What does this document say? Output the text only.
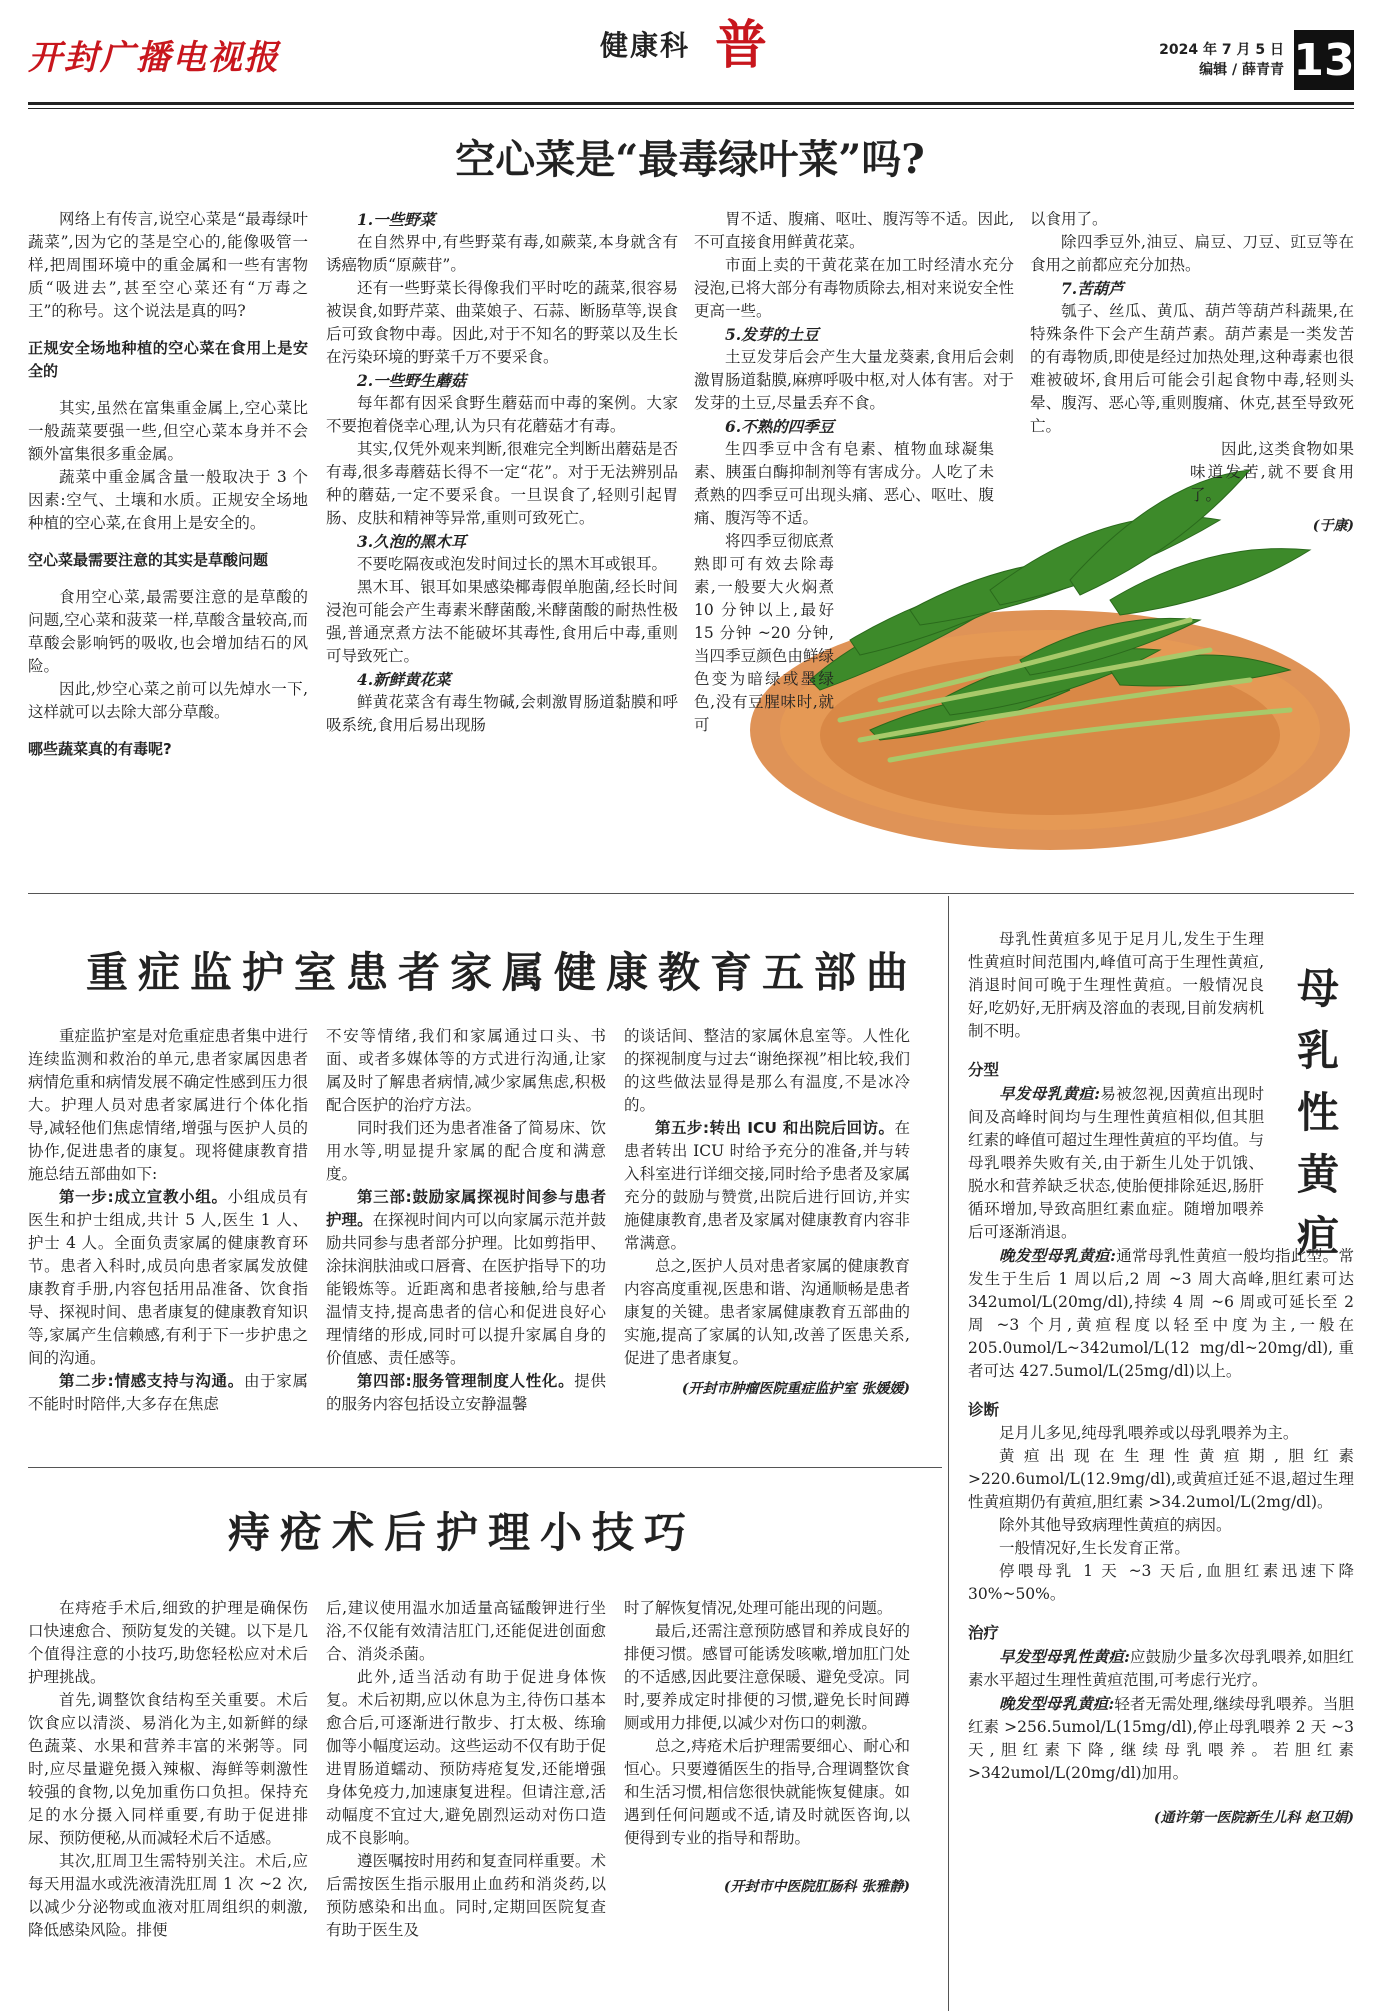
开封广播电视报	健康科 普	2024 年 7 月 5 日
编辑 / 薛青青 13
空心菜是“最毒绿叶菜”吗?

网络上有传言,说空心菜是“最毒绿叶蔬菜”,因为它的茎是空心的,能像吸管一样,把周围环境中的重金属和一些有害物质“吸进去”,甚至空心菜还有“万毒之王”的称号。这个说法是真的吗?

正规安全场地种植的空心菜在食用上是安全的

其实,虽然在富集重金属上,空心菜比一般蔬菜要强一些,但空心菜本身并不会额外富集很多重金属。

蔬菜中重金属含量一般取决于 3 个因素:空气、土壤和水质。正规安全场地种植的空心菜,在食用上是安全的。

空心菜最需要注意的其实是草酸问题

食用空心菜,最需要注意的是草酸的问题,空心菜和菠菜一样,草酸含量较高,而草酸会影响钙的吸收,也会增加结石的风险。

因此,炒空心菜之前可以先焯水一下,这样就可以去除大部分草酸。

哪些蔬菜真的有毒呢?

1.一些野菜

在自然界中,有些野菜有毒,如蕨菜,本身就含有诱癌物质“原蕨苷”。

还有一些野菜长得像我们平时吃的蔬菜,很容易被误食,如野芹菜、曲菜娘子、石蒜、断肠草等,误食后可致食物中毒。因此,对于不知名的野菜以及生长在污染环境的野菜千万不要采食。

2.一些野生蘑菇

每年都有因采食野生蘑菇而中毒的案例。大家不要抱着侥幸心理,认为只有花蘑菇才有毒。

其实,仅凭外观来判断,很难完全判断出蘑菇是否有毒,很多毒蘑菇长得不一定“花”。对于无法辨别品种的蘑菇,一定不要采食。一旦误食了,轻则引起胃肠、皮肤和精神等异常,重则可致死亡。

3.久泡的黑木耳

不要吃隔夜或泡发时间过长的黑木耳或银耳。

黑木耳、银耳如果感染椰毒假单胞菌,经长时间浸泡可能会产生毒素米酵菌酸,米酵菌酸的耐热性极强,普通烹煮方法不能破坏其毒性,食用后中毒,重则可导致死亡。

4.新鲜黄花菜

鲜黄花菜含有毒生物碱,会刺激胃肠道黏膜和呼吸系统,食用后易出现肠

胃不适、腹痛、呕吐、腹泻等不适。因此,不可直接食用鲜黄花菜。

市面上卖的干黄花菜在加工时经清水充分浸泡,已将大部分有毒物质除去,相对来说安全性更高一些。

5.发芽的土豆

土豆发芽后会产生大量龙葵素,食用后会刺激胃肠道黏膜,麻痹呼吸中枢,对人体有害。对于发芽的土豆,尽量丢弃不食。

6.不熟的四季豆

生四季豆中含有皂素、植物血球凝集素、胰蛋白酶抑制剂等有害成分。人吃了未煮熟的四季豆可出现头痛、恶心、呕吐、腹痛、腹泻等不适。

将四季豆彻底煮熟即可有效去除毒素,一般要大火焖煮 10 分钟以上,最好 15 分钟 ~20 分钟,当四季豆颜色由鲜绿色变为暗绿或墨绿色,没有豆腥味时,就可

以食用了。

除四季豆外,油豆、扁豆、刀豆、豇豆等在食用之前都应充分加热。

7.苦葫芦

瓠子、丝瓜、黄瓜、葫芦等葫芦科蔬果,在特殊条件下会产生葫芦素。葫芦素是一类发苦的有毒物质,即使是经过加热处理,这种毒素也很难被破坏,食用后可能会引起食物中毒,轻则头晕、腹泻、恶心等,重则腹痛、休克,甚至导致死亡。

因此,这类食物如果味道发苦,就不要食用了。

(于康)

重症监护室患者家属健康教育五部曲

重症监护室是对危重症患者集中进行连续监测和救治的单元,患者家属因患者病情危重和病情发展不确定性感到压力很大。护理人员对患者家属进行个体化指导,减轻他们焦虑情绪,增强与医护人员的协作,促进患者的康复。现将健康教育措施总结五部曲如下:

第一步:成立宣教小组。小组成员有医生和护士组成,共计 5 人,医生 1 人、护士 4 人。全面负责家属的健康教育环节。患者入科时,成员向患者家属发放健康教育手册,内容包括用品准备、饮食指导、探视时间、患者康复的健康教育知识等,家属产生信赖感,有利于下一步护患之间的沟通。

第二步:情感支持与沟通。由于家属不能时时陪伴,大多存在焦虑

不安等情绪,我们和家属通过口头、书面、或者多媒体等的方式进行沟通,让家属及时了解患者病情,减少家属焦虑,积极配合医护的治疗方法。

同时我们还为患者准备了简易床、饮用水等,明显提升家属的配合度和满意度。

第三部:鼓励家属探视时间参与患者护理。在探视时间内可以向家属示范并鼓励共同参与患者部分护理。比如剪指甲、涂抹润肤油或口唇膏、在医护指导下的功能锻炼等。近距离和患者接触,给与患者温情支持,提高患者的信心和促进良好心理情绪的形成,同时可以提升家属自身的价值感、责任感等。

第四部:服务管理制度人性化。提供的服务内容包括设立安静温馨

的谈话间、整洁的家属休息室等。人性化的探视制度与过去“谢绝探视”相比较,我们的这些做法显得是那么有温度,不是冰冷的。

第五步:转出 ICU 和出院后回访。在患者转出 ICU 时给予充分的准备,并与转入科室进行详细交接,同时给予患者及家属充分的鼓励与赞赏,出院后进行回访,并实施健康教育,患者及家属对健康教育内容非常满意。

总之,医护人员对患者家属的健康教育内容高度重视,医患和谐、沟通顺畅是患者康复的关键。患者家属健康教育五部曲的实施,提高了家属的认知,改善了医患关系,促进了患者康复。

(开封市肿瘤医院重症监护室 张媛媛)

痔疮术后护理小技巧

在痔疮手术后,细致的护理是确保伤口快速愈合、预防复发的关键。以下是几个值得注意的小技巧,助您轻松应对术后护理挑战。

首先,调整饮食结构至关重要。术后饮食应以清淡、易消化为主,如新鲜的绿色蔬菜、水果和营养丰富的米粥等。同时,应尽量避免摄入辣椒、海鲜等刺激性较强的食物,以免加重伤口负担。保持充足的水分摄入同样重要,有助于促进排尿、预防便秘,从而减轻术后不适感。

其次,肛周卫生需特别关注。术后,应每天用温水或洗液清洗肛周 1 次 ~2 次,以减少分泌物或血液对肛周组织的刺激,降低感染风险。排便

后,建议使用温水加适量高锰酸钾进行坐浴,不仅能有效清洁肛门,还能促进创面愈合、消炎杀菌。

此外,适当活动有助于促进身体恢复。术后初期,应以休息为主,待伤口基本愈合后,可逐渐进行散步、打太极、练瑜伽等小幅度运动。这些运动不仅有助于促进胃肠道蠕动、预防痔疮复发,还能增强身体免疫力,加速康复进程。但请注意,活动幅度不宜过大,避免剧烈运动对伤口造成不良影响。

遵医嘱按时用药和复查同样重要。术后需按医生指示服用止血药和消炎药,以预防感染和出血。同时,定期回医院复查有助于医生及

时了解恢复情况,处理可能出现的问题。

最后,还需注意预防感冒和养成良好的排便习惯。感冒可能诱发咳嗽,增加肛门处的不适感,因此要注意保暖、避免受凉。同时,要养成定时排便的习惯,避免长时间蹲厕或用力排便,以减少对伤口的刺激。

总之,痔疮术后护理需要细心、耐心和恒心。只要遵循医生的指导,合理调整饮食和生活习惯,相信您很快就能恢复健康。如遇到任何问题或不适,请及时就医咨询,以便得到专业的指导和帮助。

(开封市中医院肛肠科 张雅静)

母乳性黄疸

母乳性黄疸多见于足月儿,发生于生理性黄疸时间范围内,峰值可高于生理性黄疸,消退时间可晚于生理性黄疸。一般情况良好,吃奶好,无肝病及溶血的表现,目前发病机制不明。

分型

早发母乳黄疸:易被忽视,因黄疸出现时间及高峰时间均与生理性黄疸相似,但其胆红素的峰值可超过生理性黄疸的平均值。与母乳喂养失败有关,由于新生儿处于饥饿、脱水和营养缺乏状态,使胎便排除延迟,肠肝循环增加,导致高胆红素血症。随增加喂养后可逐渐消退。

晚发型母乳黄疸:通常母乳性黄疸一般均指此型。常发生于生后 1 周以后,2 周 ~3 周大高峰,胆红素可达 342umol/L(20mg/dl),持续 4 周 ~6 周或可延长至 2 周 ~3 个月,黄疸程度以轻至中度为主,一般在 205.0umol/L~342umol/L(12 mg/dl~20mg/dl),重者可达 427.5umol/L(25mg/dl)以上。

诊断

足月儿多见,纯母乳喂养或以母乳喂养为主。

黄疸出现在生理性黄疸期,胆红素 >220.6umol/L(12.9mg/dl),或黄疸迁延不退,超过生理性黄疸期仍有黄疸,胆红素 >34.2umol/L(2mg/dl)。

除外其他导致病理性黄疸的病因。

一般情况好,生长发育正常。

停喂母乳 1 天 ~3 天后,血胆红素迅速下降 30%~50%。

治疗

早发型母乳性黄疸:应鼓励少量多次母乳喂养,如胆红素水平超过生理性黄疸范围,可考虑行光疗。

晚发型母乳黄疸:轻者无需处理,继续母乳喂养。当胆红素 >256.5umol/L(15mg/dl),停止母乳喂养 2 天 ~3 天,胆红素下降,继续母乳喂养。若胆红素 >342umol/L(20mg/dl)加用。

(通许第一医院新生儿科 赵卫娟)
